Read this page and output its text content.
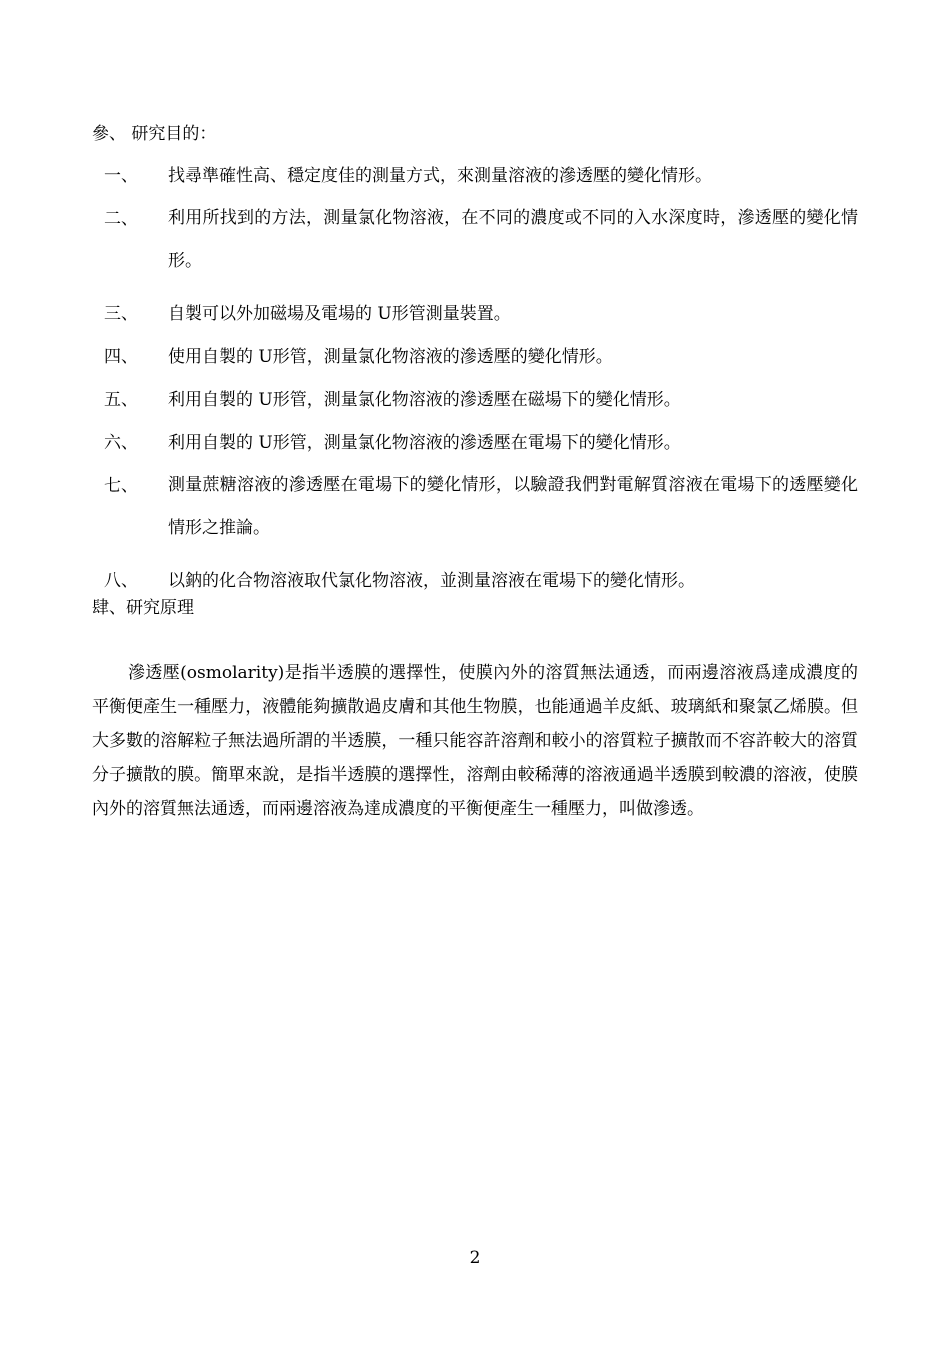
參、 研究目的：
一、	找尋準確性高、穩定度佳的測量方式，來測量溶液的滲透壓的變化情形。
二、	利用所找到的方法，測量氯化物溶液，在不同的濃度或不同的入水深度時，滲透壓的變化情形。
三、	自製可以外加磁場及電場的 U形管測量裝置。
四、	使用自製的 U形管，測量氯化物溶液的滲透壓的變化情形。
五、	利用自製的 U形管，測量氯化物溶液的滲透壓在磁場下的變化情形。
六、	利用自製的 U形管，測量氯化物溶液的滲透壓在電場下的變化情形。
七、	測量蔗糖溶液的滲透壓在電場下的變化情形，以驗證我們對電解質溶液在電場下的透壓變化情形之推論。
八、	以鈉的化合物溶液取代氯化物溶液，並測量溶液在電場下的變化情形。
肆、研究原理
滲透壓(osmolarity)是指半透膜的選擇性，使膜內外的溶質無法通透，而兩邊溶液爲達成濃度的平衡便產生一種壓力，液體能夠擴散過皮膚和其他生物膜，也能通過羊皮紙、玻璃紙和聚氯乙烯膜。但大多數的溶解粒子無法過所謂的半透膜，一種只能容許溶劑和較小的溶質粒子擴散而不容許較大的溶質分子擴散的膜。簡單來說，是指半透膜的選擇性，溶劑由較稀薄的溶液通過半透膜到較濃的溶液，使膜內外的溶質無法通透，而兩邊溶液為達成濃度的平衡便產生一種壓力，叫做滲透。
2
